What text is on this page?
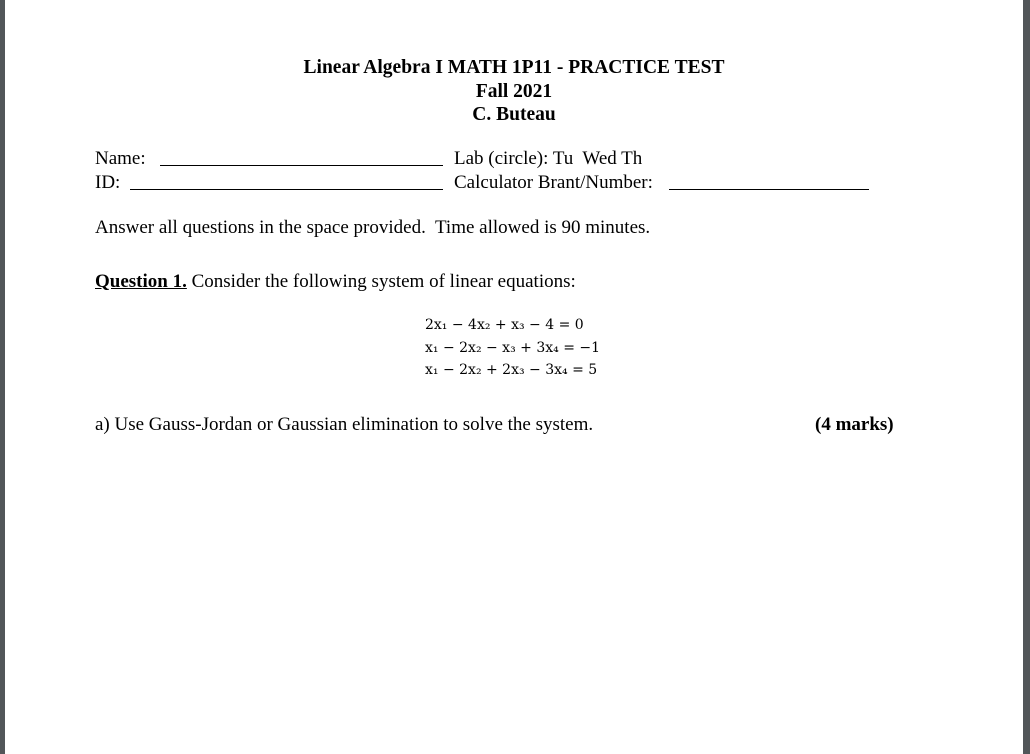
Linear Algebra I MATH 1P11 - PRACTICE TEST
Fall 2021
C. Buteau
Name:
ID:
Lab (circle): Tu  Wed Th
Calculator Brant/Number:
Answer all questions in the space provided.  Time allowed is 90 minutes.
Question 1. Consider the following system of linear equations:
2x₁ − 4x₂ + x₃ − 4 = 0
x₁ − 2x₂ − x₃ + 3x₄ = −1
x₁ − 2x₂ + 2x₃ − 3x₄ = 5
a) Use Gauss-Jordan or Gaussian elimination to solve the system.	(4 marks)
